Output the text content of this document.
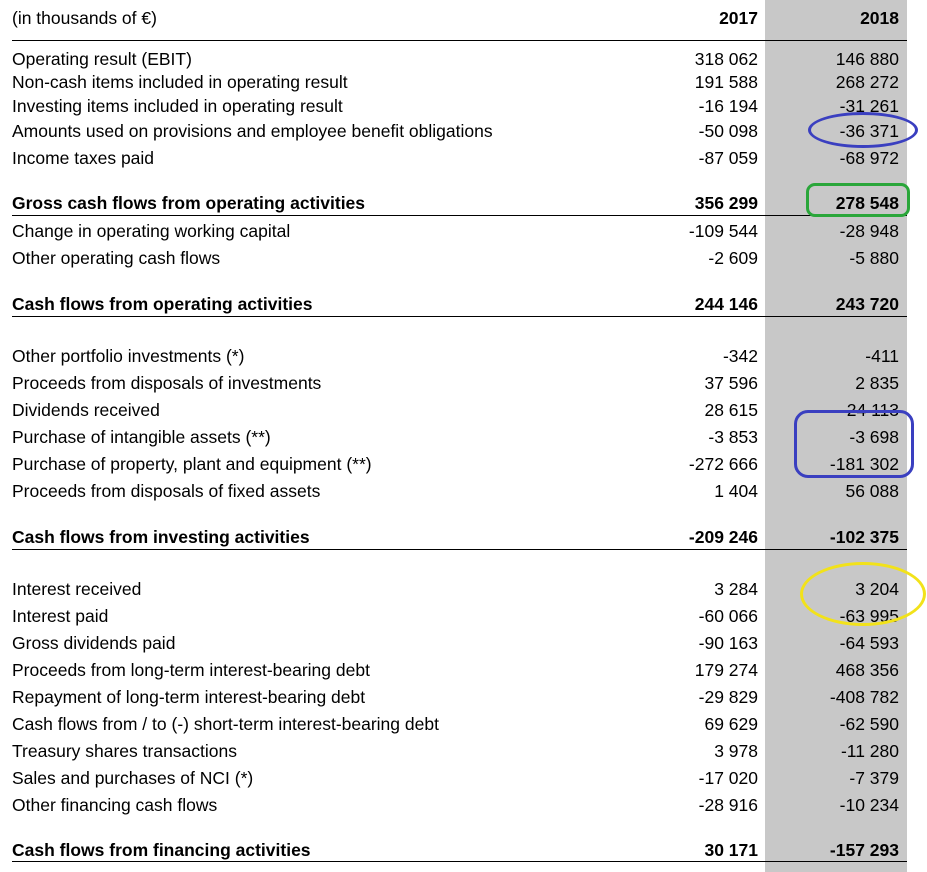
(in thousands of €)	2017	2018
Operating result (EBIT)	318 062	146 880
Non-cash items included in operating result	191 588	268 272
Investing items included in operating result	-16 194	-31 261
Amounts used on provisions and employee benefit obligations	-50 098	-36 371
Income taxes paid	-87 059	-68 972
Gross cash flows from operating activities	356 299	278 548
Change in operating working capital	-109 544	-28 948
Other operating cash flows	-2 609	-5 880
Cash flows from operating activities	244 146	243 720
Other portfolio investments (*)	-342	-411
Proceeds from disposals of investments	37 596	2 835
Dividends received	28 615	24 113
Purchase of intangible assets (**)	-3 853	-3 698
Purchase of property, plant and equipment (**)	-272 666	-181 302
Proceeds from disposals of fixed assets	1 404	56 088
Cash flows from investing activities	-209 246	-102 375
Interest received	3 284	3 204
Interest paid	-60 066	-63 995
Gross dividends paid	-90 163	-64 593
Proceeds from long-term interest-bearing debt	179 274	468 356
Repayment of long-term interest-bearing debt	-29 829	-408 782
Cash flows from / to (-) short-term interest-bearing debt	69 629	-62 590
Treasury shares transactions	3 978	-11 280
Sales and purchases of NCI (*)	-17 020	-7 379
Other financing cash flows	-28 916	-10 234
Cash flows from financing activities	30 171	-157 293
